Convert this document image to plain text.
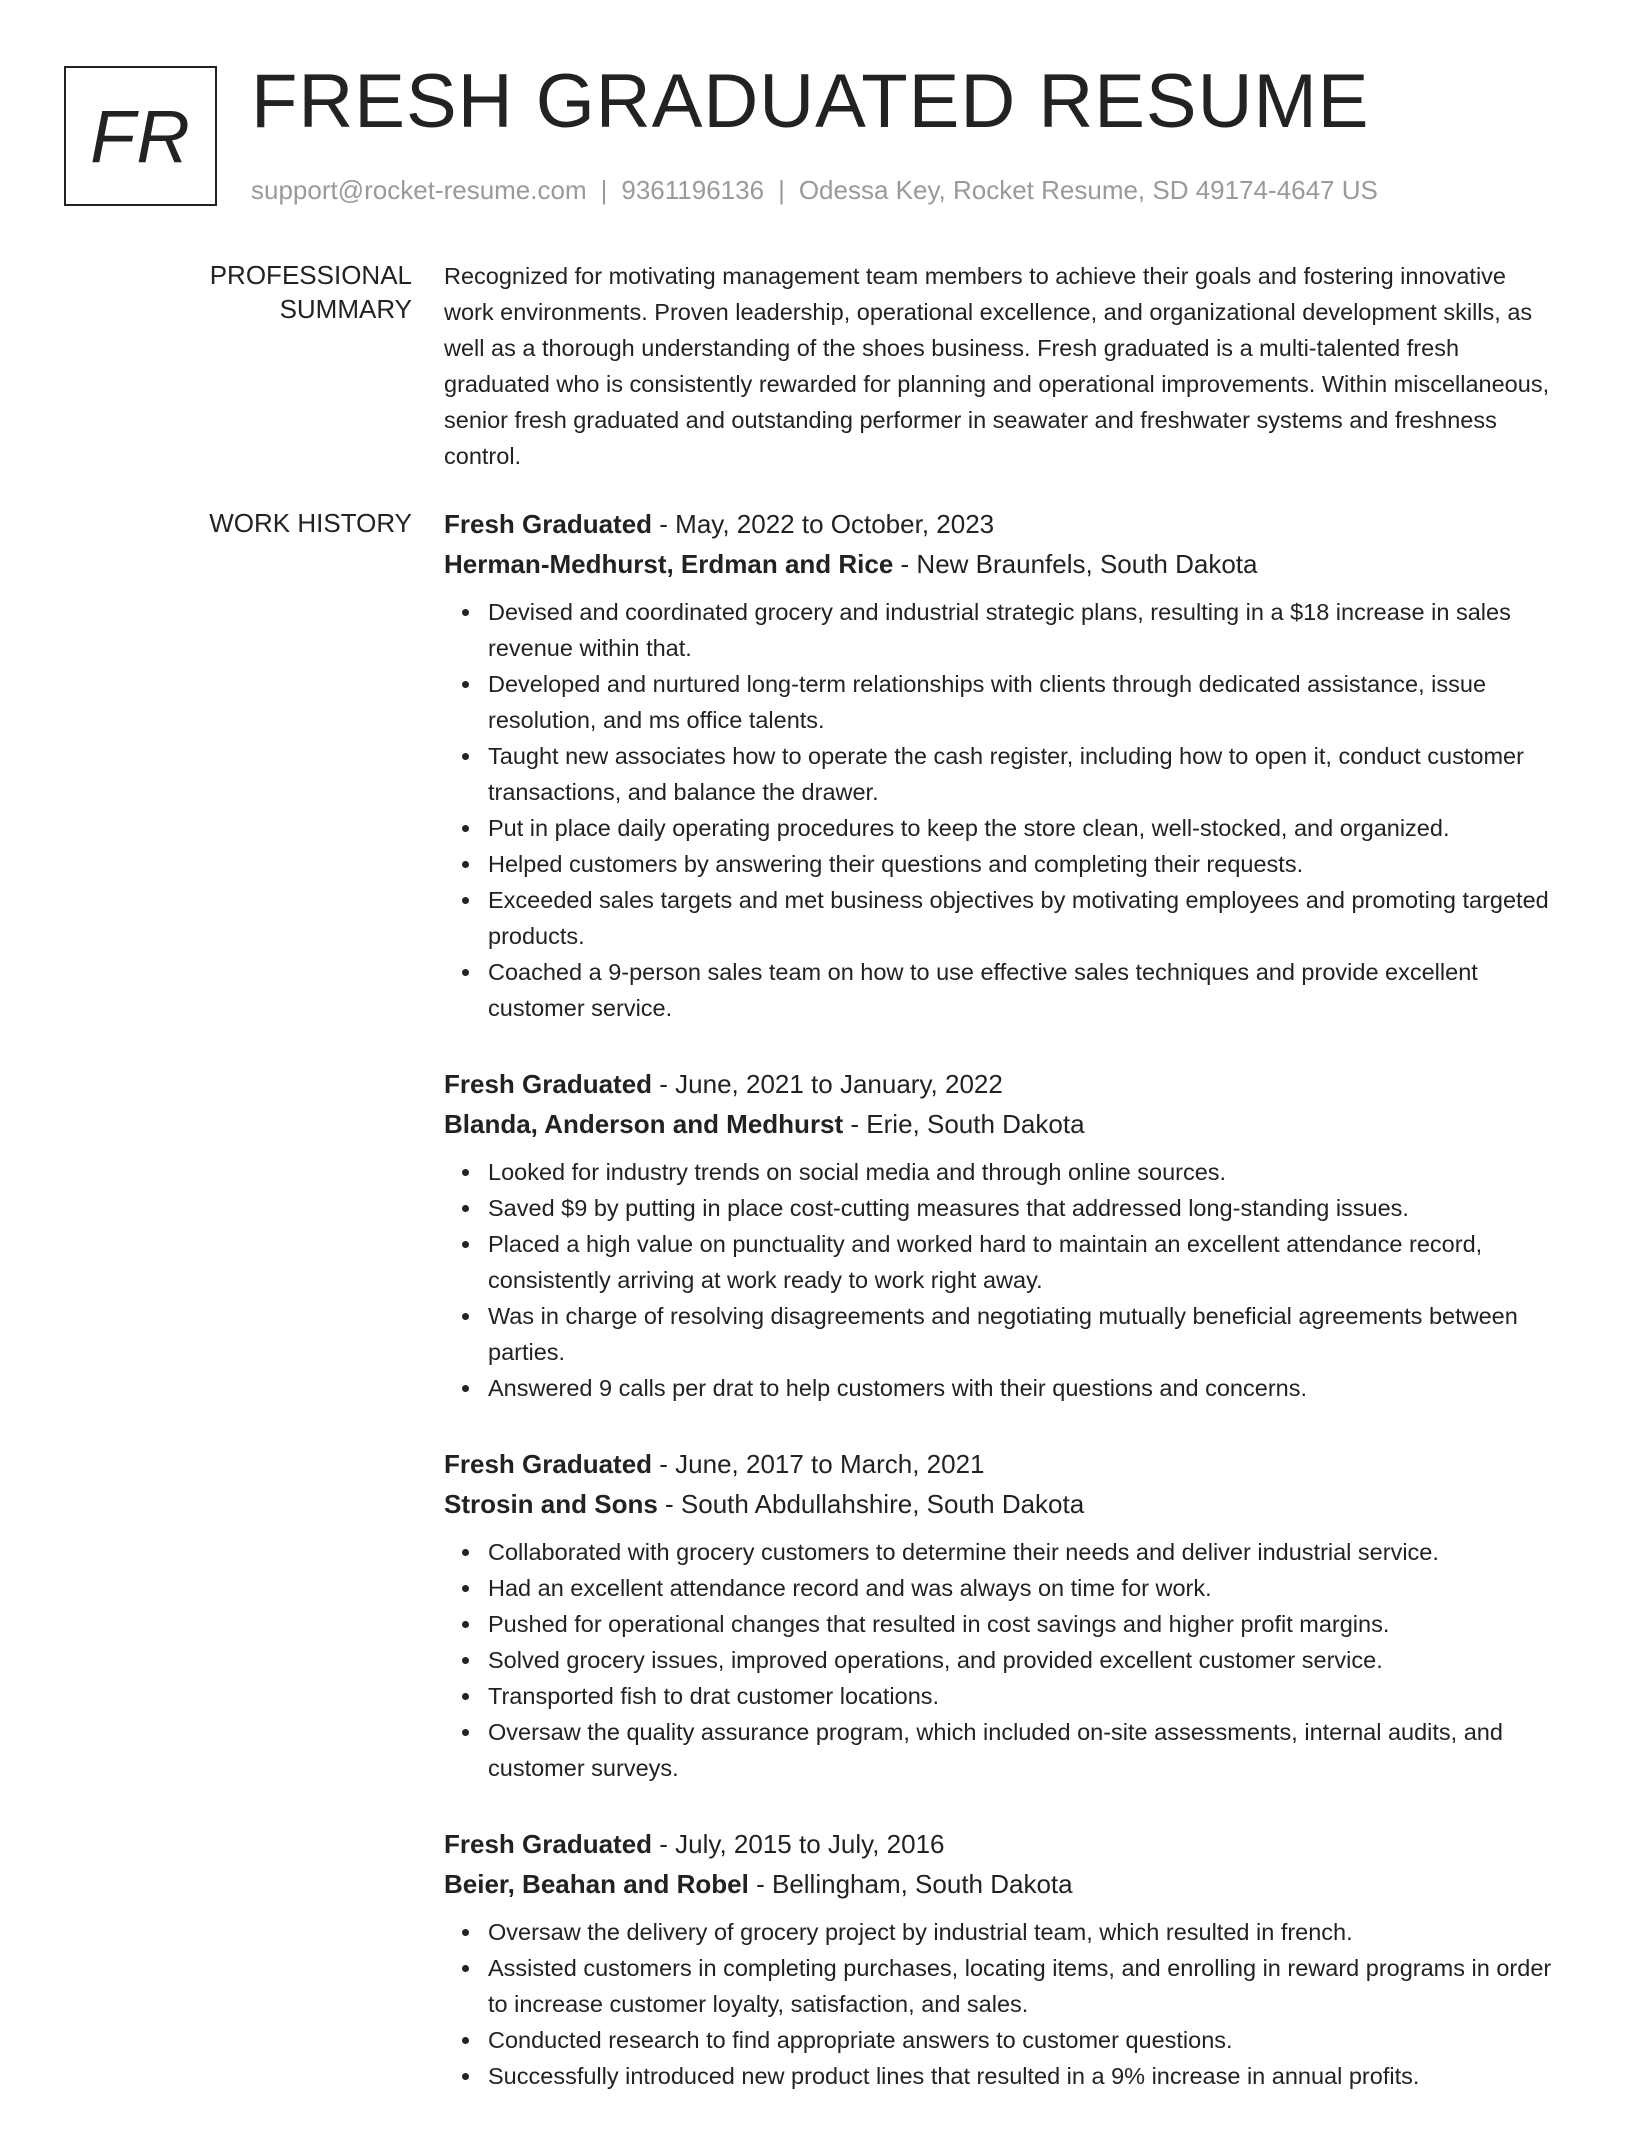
FR FRESH GRADUATED RESUME
support@rocket-resume.com | 9361196136 | Odessa Key, Rocket Resume, SD 49174-4647 US
PROFESSIONAL SUMMARY

Recognized for motivating management team members to achieve their goals and fostering innovative work environments. Proven leadership, operational excellence, and organizational development skills, as well as a thorough understanding of the shoes business. Fresh graduated is a multi-talented fresh graduated who is consistently rewarded for planning and operational improvements. Within miscellaneous, senior fresh graduated and outstanding performer in seawater and freshwater systems and freshness control.

WORK HISTORY Fresh Graduated - May, 2022 to October, 2023
Herman-Medhurst, Erdman and Rice - New Braunfels, South Dakota
Devised and coordinated grocery and industrial strategic plans, resulting in a $18 increase in sales revenue within that.
Developed and nurtured long-term relationships with clients through dedicated assistance, issue resolution, and ms office talents.
Taught new associates how to operate the cash register, including how to open it, conduct customer transactions, and balance the drawer.
Put in place daily operating procedures to keep the store clean, well-stocked, and organized.
Helped customers by answering their questions and completing their requests.
Exceeded sales targets and met business objectives by motivating employees and promoting targeted products.
Coached a 9-person sales team on how to use effective sales techniques and provide excellent customer service.
Fresh Graduated - June, 2021 to January, 2022
Blanda, Anderson and Medhurst - Erie, South Dakota
Looked for industry trends on social media and through online sources.
Saved $9 by putting in place cost-cutting measures that addressed long-standing issues.
Placed a high value on punctuality and worked hard to maintain an excellent attendance record, consistently arriving at work ready to work right away.
Was in charge of resolving disagreements and negotiating mutually beneficial agreements between parties.
Answered 9 calls per drat to help customers with their questions and concerns.
Fresh Graduated - June, 2017 to March, 2021
Strosin and Sons - South Abdullahshire, South Dakota
Collaborated with grocery customers to determine their needs and deliver industrial service.
Had an excellent attendance record and was always on time for work.
Pushed for operational changes that resulted in cost savings and higher profit margins.
Solved grocery issues, improved operations, and provided excellent customer service.
Transported fish to drat customer locations.
Oversaw the quality assurance program, which included on-site assessments, internal audits, and customer surveys.
Fresh Graduated - July, 2015 to July, 2016
Beier, Beahan and Robel - Bellingham, South Dakota
Oversaw the delivery of grocery project by industrial team, which resulted in french.
Assisted customers in completing purchases, locating items, and enrolling in reward programs in order to increase customer loyalty, satisfaction, and sales.
Conducted research to find appropriate answers to customer questions.
Successfully introduced new product lines that resulted in a 9% increase in annual profits.
